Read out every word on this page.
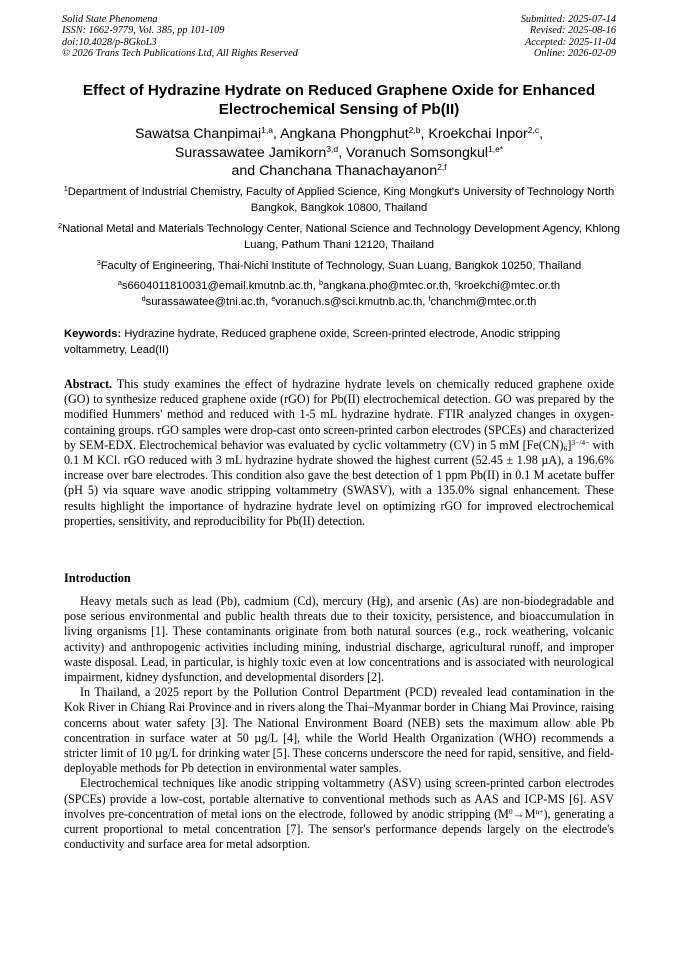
Solid State Phenomena
ISSN: 1662-9779, Vol. 385, pp 101-109
doi:10.4028/p-8GkoL3
© 2026 Trans Tech Publications Ltd, All Rights Reserved
Submitted: 2025-07-14
Revised: 2025-08-16
Accepted: 2025-11-04
Online: 2026-02-09
Effect of Hydrazine Hydrate on Reduced Graphene Oxide for Enhanced Electrochemical Sensing of Pb(II)
Sawatsa Chanpimai$^{1,a}$, Angkana Phongphut$^{2,b}$, Kroekchai Inpor$^{2,c}$,
Surassawatee Jamikorn$^{3,d}$, Voranuch Somsongkul$^{1,e*}$
and Chanchana Thanachayanon$^{2,f}$
$^1$Department of Industrial Chemistry, Faculty of Applied Science, King Mongkut's University of Technology North Bangkok, Bangkok 10800, Thailand
$^2$National Metal and Materials Technology Center, National Science and Technology Development Agency, Khlong Luang, Pathum Thani 12120, Thailand
$^3$Faculty of Engineering, Thai-Nichi Institute of Technology, Suan Luang, Bangkok 10250, Thailand
$^a$s6604011810031@email.kmutnb.ac.th, $^b$angkana.pho@mtec.or.th, $^c$kroekchi@mtec.or.th
$^d$surassawatee@tni.ac.th, $^e$voranuch.s@sci.kmutnb.ac.th, $^f$chanchm@mtec.or.th
Keywords: Hydrazine hydrate, Reduced graphene oxide, Screen-printed electrode, Anodic stripping voltammetry, Lead(II)
Abstract. This study examines the effect of hydrazine hydrate levels on chemically reduced graphene oxide (GO) to synthesize reduced graphene oxide (rGO) for Pb(II) electrochemical detection. GO was prepared by the modified Hummers' method and reduced with 1-5 mL hydrazine hydrate. FTIR analyzed changes in oxygen-containing groups. rGO samples were drop-cast onto screen-printed carbon electrodes (SPCEs) and characterized by SEM-EDX. Electrochemical behavior was evaluated by cyclic voltammetry (CV) in 5 mM $[Fe(CN)_6]^{3-/4-}$ with 0.1 M KCl. rGO reduced with 3 mL hydrazine hydrate showed the highest current (52.45 ± 1.98 µA), a 196.6% increase over bare electrodes. This condition also gave the best detection of 1 ppm Pb(II) in 0.1 M acetate buffer (pH 5) via square wave anodic stripping voltammetry (SWASV), with a 135.0% signal enhancement. These results highlight the importance of hydrazine hydrate level on optimizing rGO for improved electrochemical properties, sensitivity, and reproducibility for Pb(II) detection.
Introduction

Heavy metals such as lead (Pb), cadmium (Cd), mercury (Hg), and arsenic (As) are non-biodegradable and pose serious environmental and public health threats due to their toxicity, persistence, and bioaccumulation in living organisms [1]. These contaminants originate from both natural sources (e.g., rock weathering, volcanic activity) and anthropogenic activities including mining, industrial discharge, agricultural runoff, and improper waste disposal. Lead, in particular, is highly toxic even at low concentrations and is associated with neurological impairment, kidney dysfunction, and developmental disorders [2].

In Thailand, a 2025 report by the Pollution Control Department (PCD) revealed lead contamination in the Kok River in Chiang Rai Province and in rivers along the Thai–Myanmar border in Chiang Mai Province, raising concerns about water safety [3]. The National Environment Board (NEB) sets the maximum allow able Pb concentration in surface water at 50 µg/L [4], while the World Health Organization (WHO) recommends a stricter limit of 10 µg/L for drinking water [5]. These concerns underscore the need for rapid, sensitive, and field-deployable methods for Pb detection in environmental water samples.

Electrochemical techniques like anodic stripping voltammetry (ASV) using screen-printed carbon electrodes (SPCEs) provide a low-cost, portable alternative to conventional methods such as AAS and ICP-MS [6]. ASV involves pre-concentration of metal ions on the electrode, followed by anodic stripping $(M^0\to M^{n+})$, generating a current proportional to metal concentration [7]. The sensor's performance depends largely on the electrode's conductivity and surface area for metal adsorption.
